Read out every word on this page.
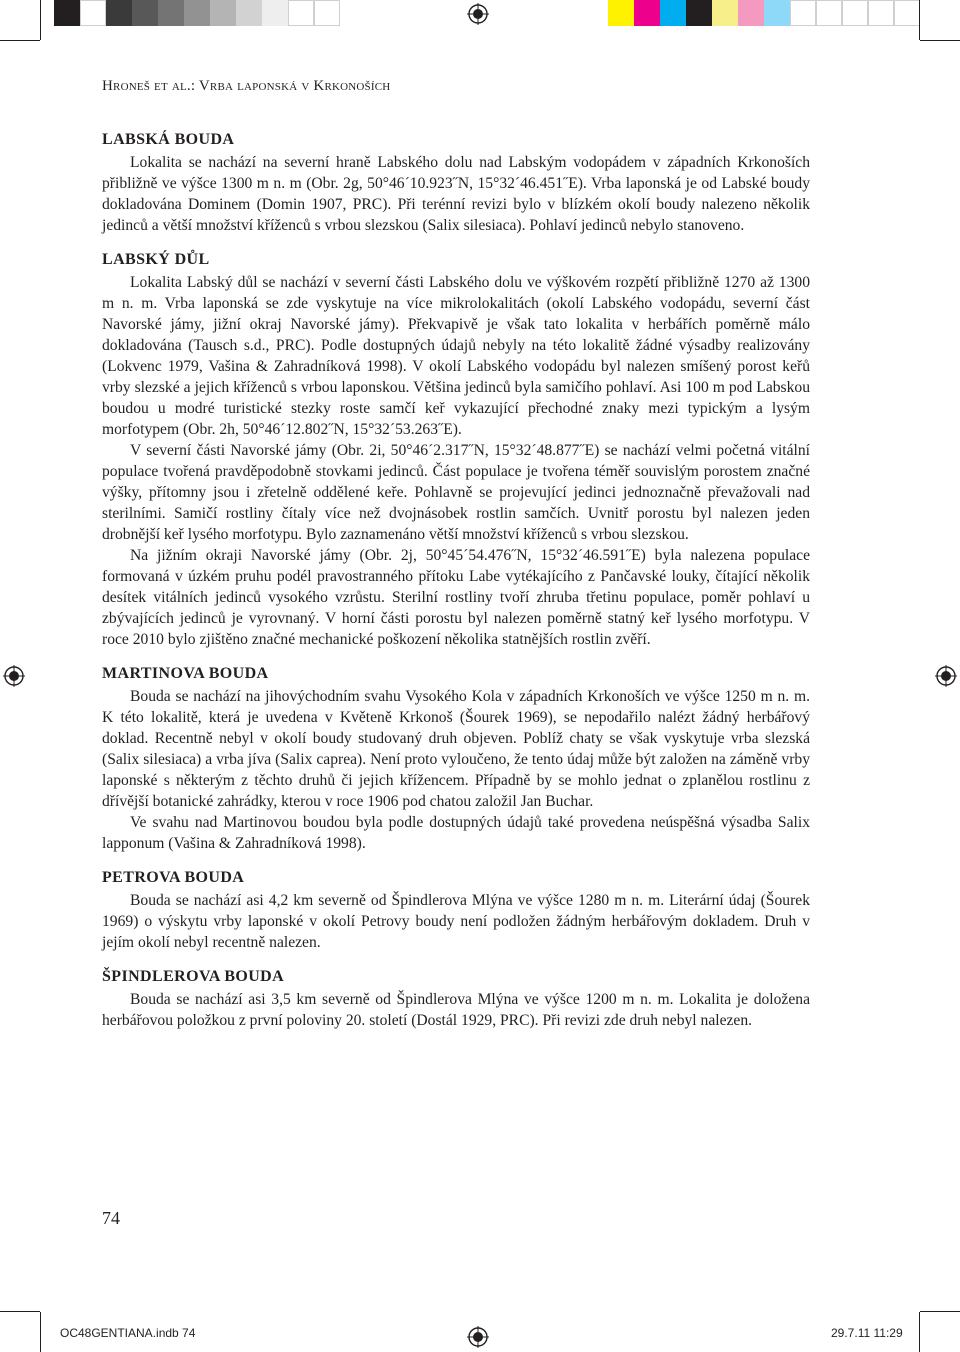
Hroneš et al.: Vrba laponská v Krkonoších
LABSKÁ BOUDA

Lokalita se nachází na severní hraně Labského dolu nad Labským vodopádem v západních Krkonoších přibližně ve výšce 1300 m n. m (Obr. 2g, 50°46´10.923˝N, 15°32´46.451˝E). Vrba laponská je od Labské boudy dokladována Dominem (Domin 1907, PRC). Při terénní revizi bylo v blízkém okolí boudy nalezeno několik jedinců a větší množství kříženců s vrbou slezskou (Salix silesiaca). Pohlaví jedinců nebylo stanoveno.

LABSKÝ DŮL

Lokalita Labský důl se nachází v severní části Labského dolu ve výškovém rozpětí přibližně 1270 až 1300 m n. m. Vrba laponská se zde vyskytuje na více mikrolokalitách (okolí Labského vodopádu, severní část Navorské jámy, jižní okraj Navorské jámy). Překvapivě je však tato lokalita v herbářích poměrně málo dokladována (Tausch s.d., PRC). Podle dostupných údajů nebyly na této lokalitě žádné výsadby realizovány (Lokvenc 1979, Vašina & Zahradníková 1998). V okolí Labského vodopádu byl nalezen smíšený porost keřů vrby slezské a jejich kříženců s vrbou laponskou. Většina jedinců byla samičího pohlaví. Asi 100 m pod Labskou boudou u modré turistické stezky roste samčí keř vykazující přechodné znaky mezi typickým a lysým morfotypem (Obr. 2h, 50°46´12.802˝N, 15°32´53.263˝E).

V severní části Navorské jámy (Obr. 2i, 50°46´2.317˝N, 15°32´48.877˝E) se nachází velmi početná vitální populace tvořená pravděpodobně stovkami jedinců. Část populace je tvořena téměř souvislým porostem značné výšky, přítomny jsou i zřetelně oddělené keře. Pohlavně se projevující jedinci jednoznačně převažovali nad sterilními. Samičí rostliny čítaly více než dvojnásobek rostlin samčích. Uvnitř porostu byl nalezen jeden drobnější keř lysého morfotypu. Bylo zaznamenáno větší množství kříženců s vrbou slezskou.

Na jižním okraji Navorské jámy (Obr. 2j, 50°45´54.476˝N, 15°32´46.591˝E) byla nalezena populace formovaná v úzkém pruhu podél pravostranného přítoku Labe vytékajícího z Pančavské louky, čítající několik desítek vitálních jedinců vysokého vzrůstu. Sterilní rostliny tvoří zhruba třetinu populace, poměr pohlaví u zbývajících jedinců je vyrovnaný. V horní části porostu byl nalezen poměrně statný keř lysého morfotypu. V roce 2010 bylo zjištěno značné mechanické poškození několika statnějších rostlin zvěří.

MARTINOVA BOUDA

Bouda se nachází na jihovýchodním svahu Vysokého Kola v západních Krkonoších ve výšce 1250 m n. m. K této lokalitě, která je uvedena v Květeně Krkonoš (Šourek 1969), se nepodařilo nalézt žádný herbářový doklad. Recentně nebyl v okolí boudy studovaný druh objeven. Poblíž chaty se však vyskytuje vrba slezská (Salix silesiaca) a vrba jíva (Salix caprea). Není proto vyloučeno, že tento údaj může být založen na záměně vrby laponské s některým z těchto druhů či jejich křížencem. Případně by se mohlo jednat o zplanělou rostlinu z dřívější botanické zahrádky, kterou v roce 1906 pod chatou založil Jan Buchar.

Ve svahu nad Martinovou boudou byla podle dostupných údajů také provedena neúspěšná výsadba Salix lapponum (Vašina & Zahradníková 1998).

PETROVA BOUDA

Bouda se nachází asi 4,2 km severně od Špindlerova Mlýna ve výšce 1280 m n. m. Literární údaj (Šourek 1969) o výskytu vrby laponské v okolí Petrovy boudy není podložen žádným herbářovým dokladem. Druh v jejím okolí nebyl recentně nalezen.

ŠPINDLEROVA BOUDA

Bouda se nachází asi 3,5 km severně od Špindlerova Mlýna ve výšce 1200 m n. m. Lokalita je doložena herbářovou položkou z první poloviny 20. století (Dostál 1929, PRC). Při revizi zde druh nebyl nalezen.

74
OC48GENTIANA.indb 74	29.7.11 11:29
